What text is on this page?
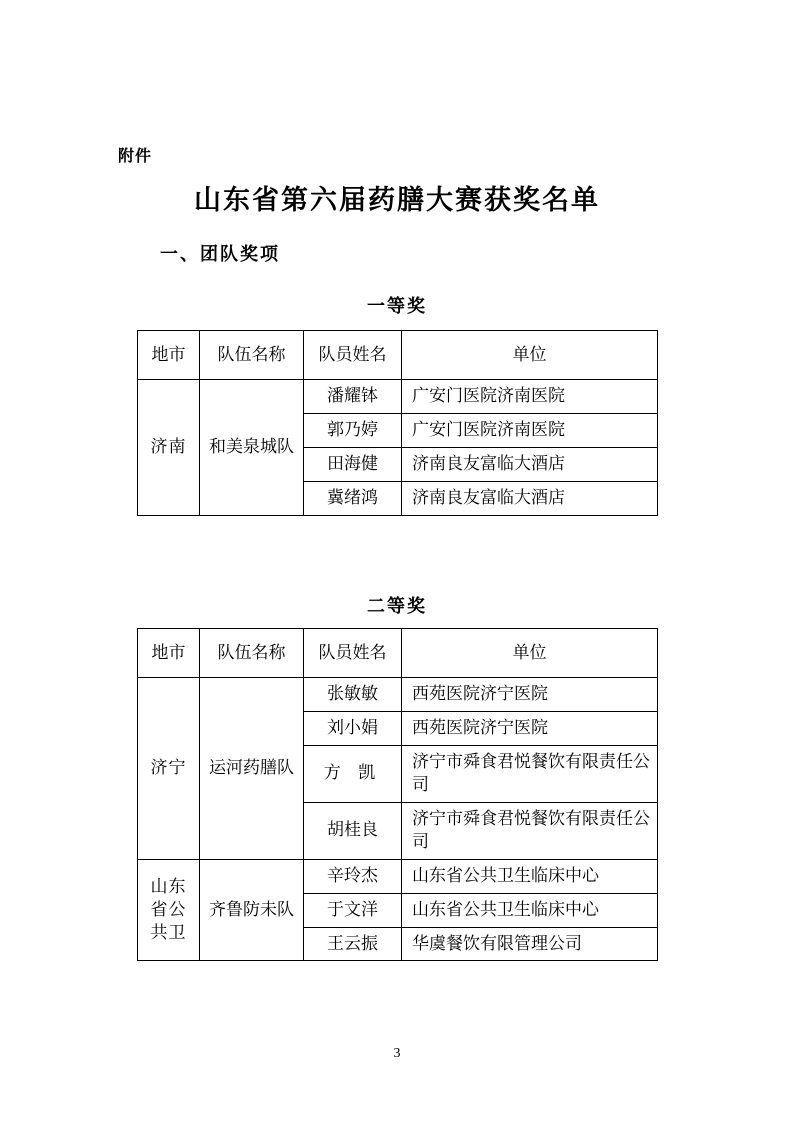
附件
山东省第六届药膳大赛获奖名单
一、团队奖项
一等奖
地市	队伍名称	队员姓名	单位
济南	和美泉城队	潘耀钵	广安门医院济南医院
		郭乃婷	广安门医院济南医院
		田海健	济南良友富临大酒店
		冀绪鸿	济南良友富临大酒店
二等奖
地市	队伍名称	队员姓名	单位
济宁	运河药膳队	张敏敏	西苑医院济宁医院
		刘小娟	西苑医院济宁医院
		方 凯	济宁市舜食君悦餐饮有限责任公司
		胡桂良	济宁市舜食君悦餐饮有限责任公司
山东省公共卫	齐鲁防未队	辛玲杰	山东省公共卫生临床中心
		于文洋	山东省公共卫生临床中心
		王云振	华虞餐饮有限管理公司
3
